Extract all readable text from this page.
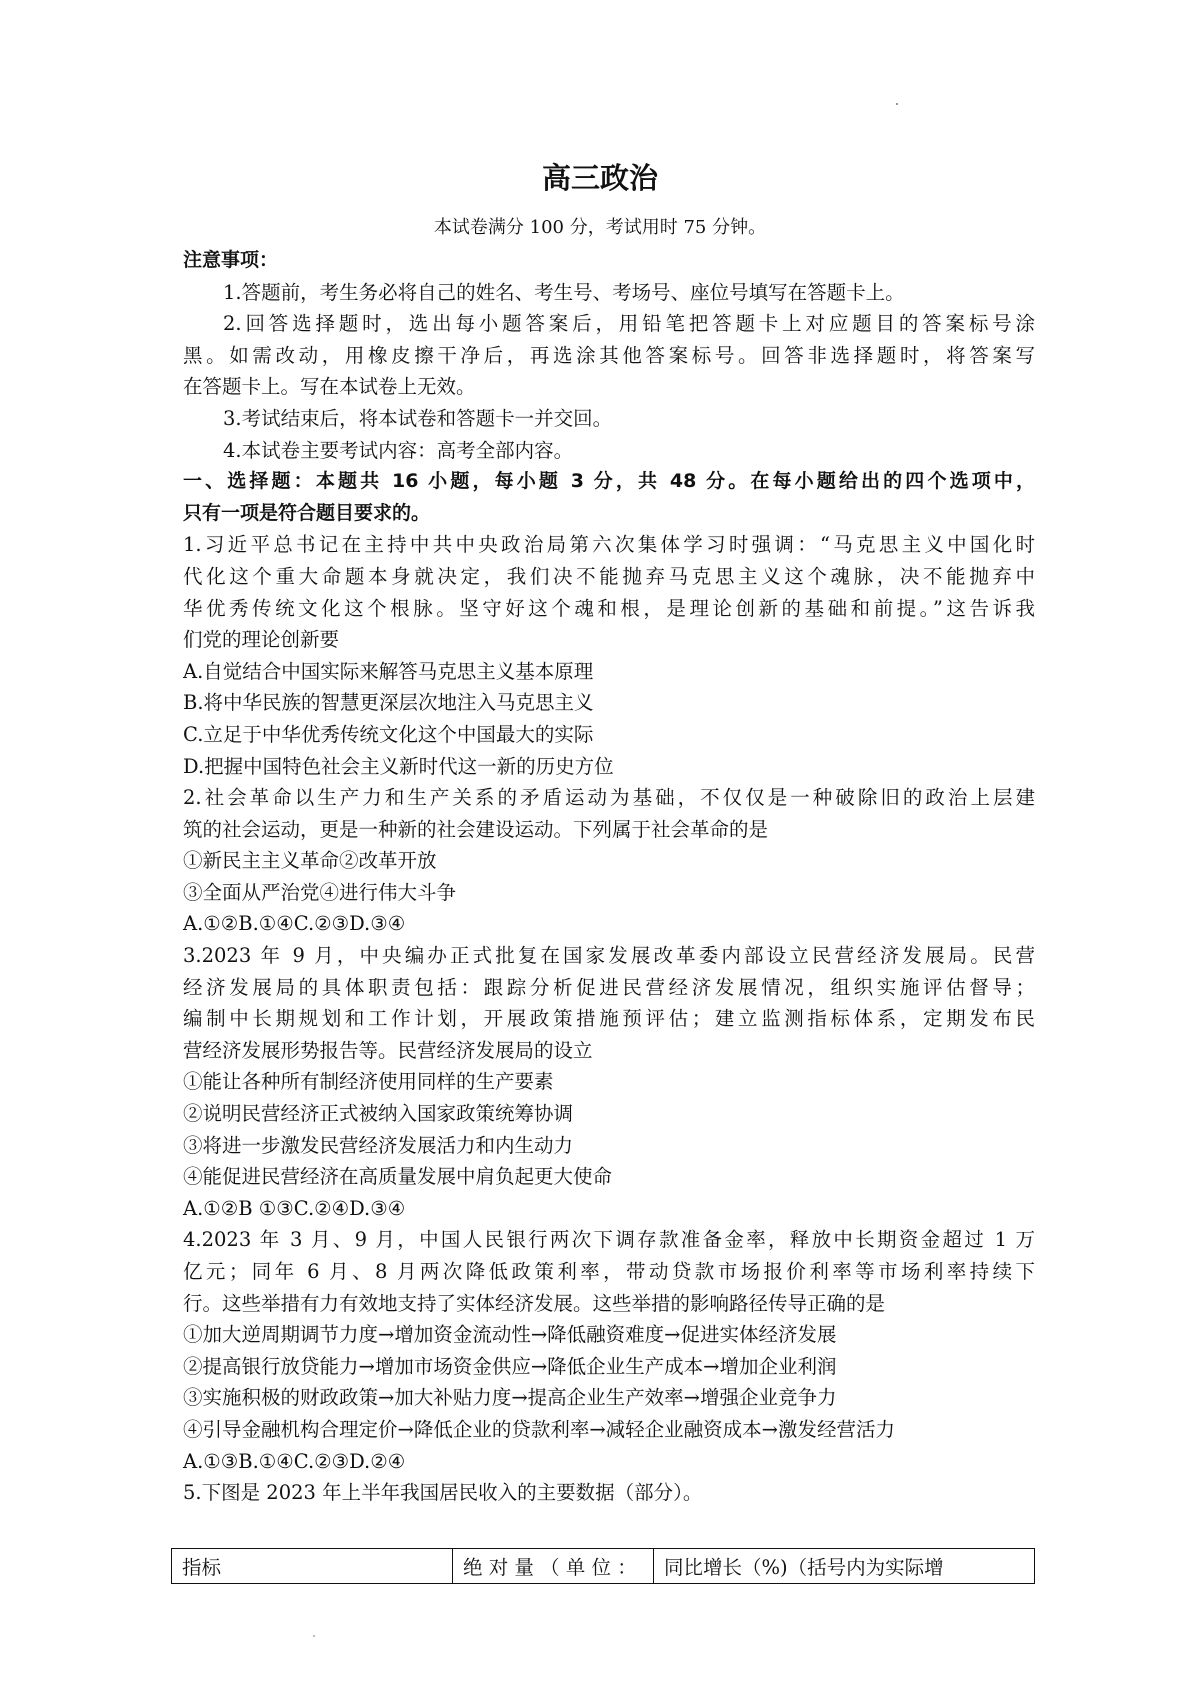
高三政治
本试卷满分 100 分，考试用时 75 分钟。
注意事项：
1.答题前，考生务必将自己的姓名、考生号、考场号、座位号填写在答题卡上。
2.回答选择题时，选出每小题答案后，用铅笔把答题卡上对应题目的答案标号涂
黑。如需改动，用橡皮擦干净后，再选涂其他答案标号。回答非选择题时，将答案写
在答题卡上。写在本试卷上无效。
3.考试结束后，将本试卷和答题卡一并交回。
4.本试卷主要考试内容：高考全部内容。
一、选择题：本题共 16 小题，每小题 3 分，共 48 分。在每小题给出的四个选项中，
只有一项是符合题目要求的。
1.习近平总书记在主持中共中央政治局第六次集体学习时强调：“马克思主义中国化时
代化这个重大命题本身就决定，我们决不能抛弃马克思主义这个魂脉，决不能抛弃中
华优秀传统文化这个根脉。坚守好这个魂和根，是理论创新的基础和前提。”这告诉我
们党的理论创新要
A.自觉结合中国实际来解答马克思主义基本原理
B.将中华民族的智慧更深层次地注入马克思主义
C.立足于中华优秀传统文化这个中国最大的实际
D.把握中国特色社会主义新时代这一新的历史方位
2.社会革命以生产力和生产关系的矛盾运动为基础，不仅仅是一种破除旧的政治上层建
筑的社会运动，更是一种新的社会建设运动。下列属于社会革命的是
①新民主主义革命②改革开放
③全面从严治党④进行伟大斗争
A.①②B.①④C.②③D.③④
3.2023 年 9 月，中央编办正式批复在国家发展改革委内部设立民营经济发展局。民营
经济发展局的具体职责包括：跟踪分析促进民营经济发展情况，组织实施评估督导；
编制中长期规划和工作计划，开展政策措施预评估；建立监测指标体系，定期发布民
营经济发展形势报告等。民营经济发展局的设立
①能让各种所有制经济使用同样的生产要素
②说明民营经济正式被纳入国家政策统筹协调
③将进一步激发民营经济发展活力和内生动力
④能促进民营经济在高质量发展中肩负起更大使命
A.①②B ①③C.②④D.③④
4.2023 年 3 月、9 月，中国人民银行两次下调存款准备金率，释放中长期资金超过 1 万
亿元；同年 6 月、8 月两次降低政策利率，带动贷款市场报价利率等市场利率持续下
行。这些举措有力有效地支持了实体经济发展。这些举措的影响路径传导正确的是
①加大逆周期调节力度→增加资金流动性→降低融资难度→促进实体经济发展
②提高银行放贷能力→增加市场资金供应→降低企业生产成本→增加企业利润
③实施积极的财政政策→加大补贴力度→提高企业生产效率→增强企业竞争力
④引导金融机构合理定价→降低企业的贷款利率→减轻企业融资成本→激发经营活力
A.①③B.①④C.②③D.②④
5.下图是 2023 年上半年我国居民收入的主要数据（部分）。
指标	绝 对 量 （ 单 位 ：	同比增长（%)（括号内为实际增
